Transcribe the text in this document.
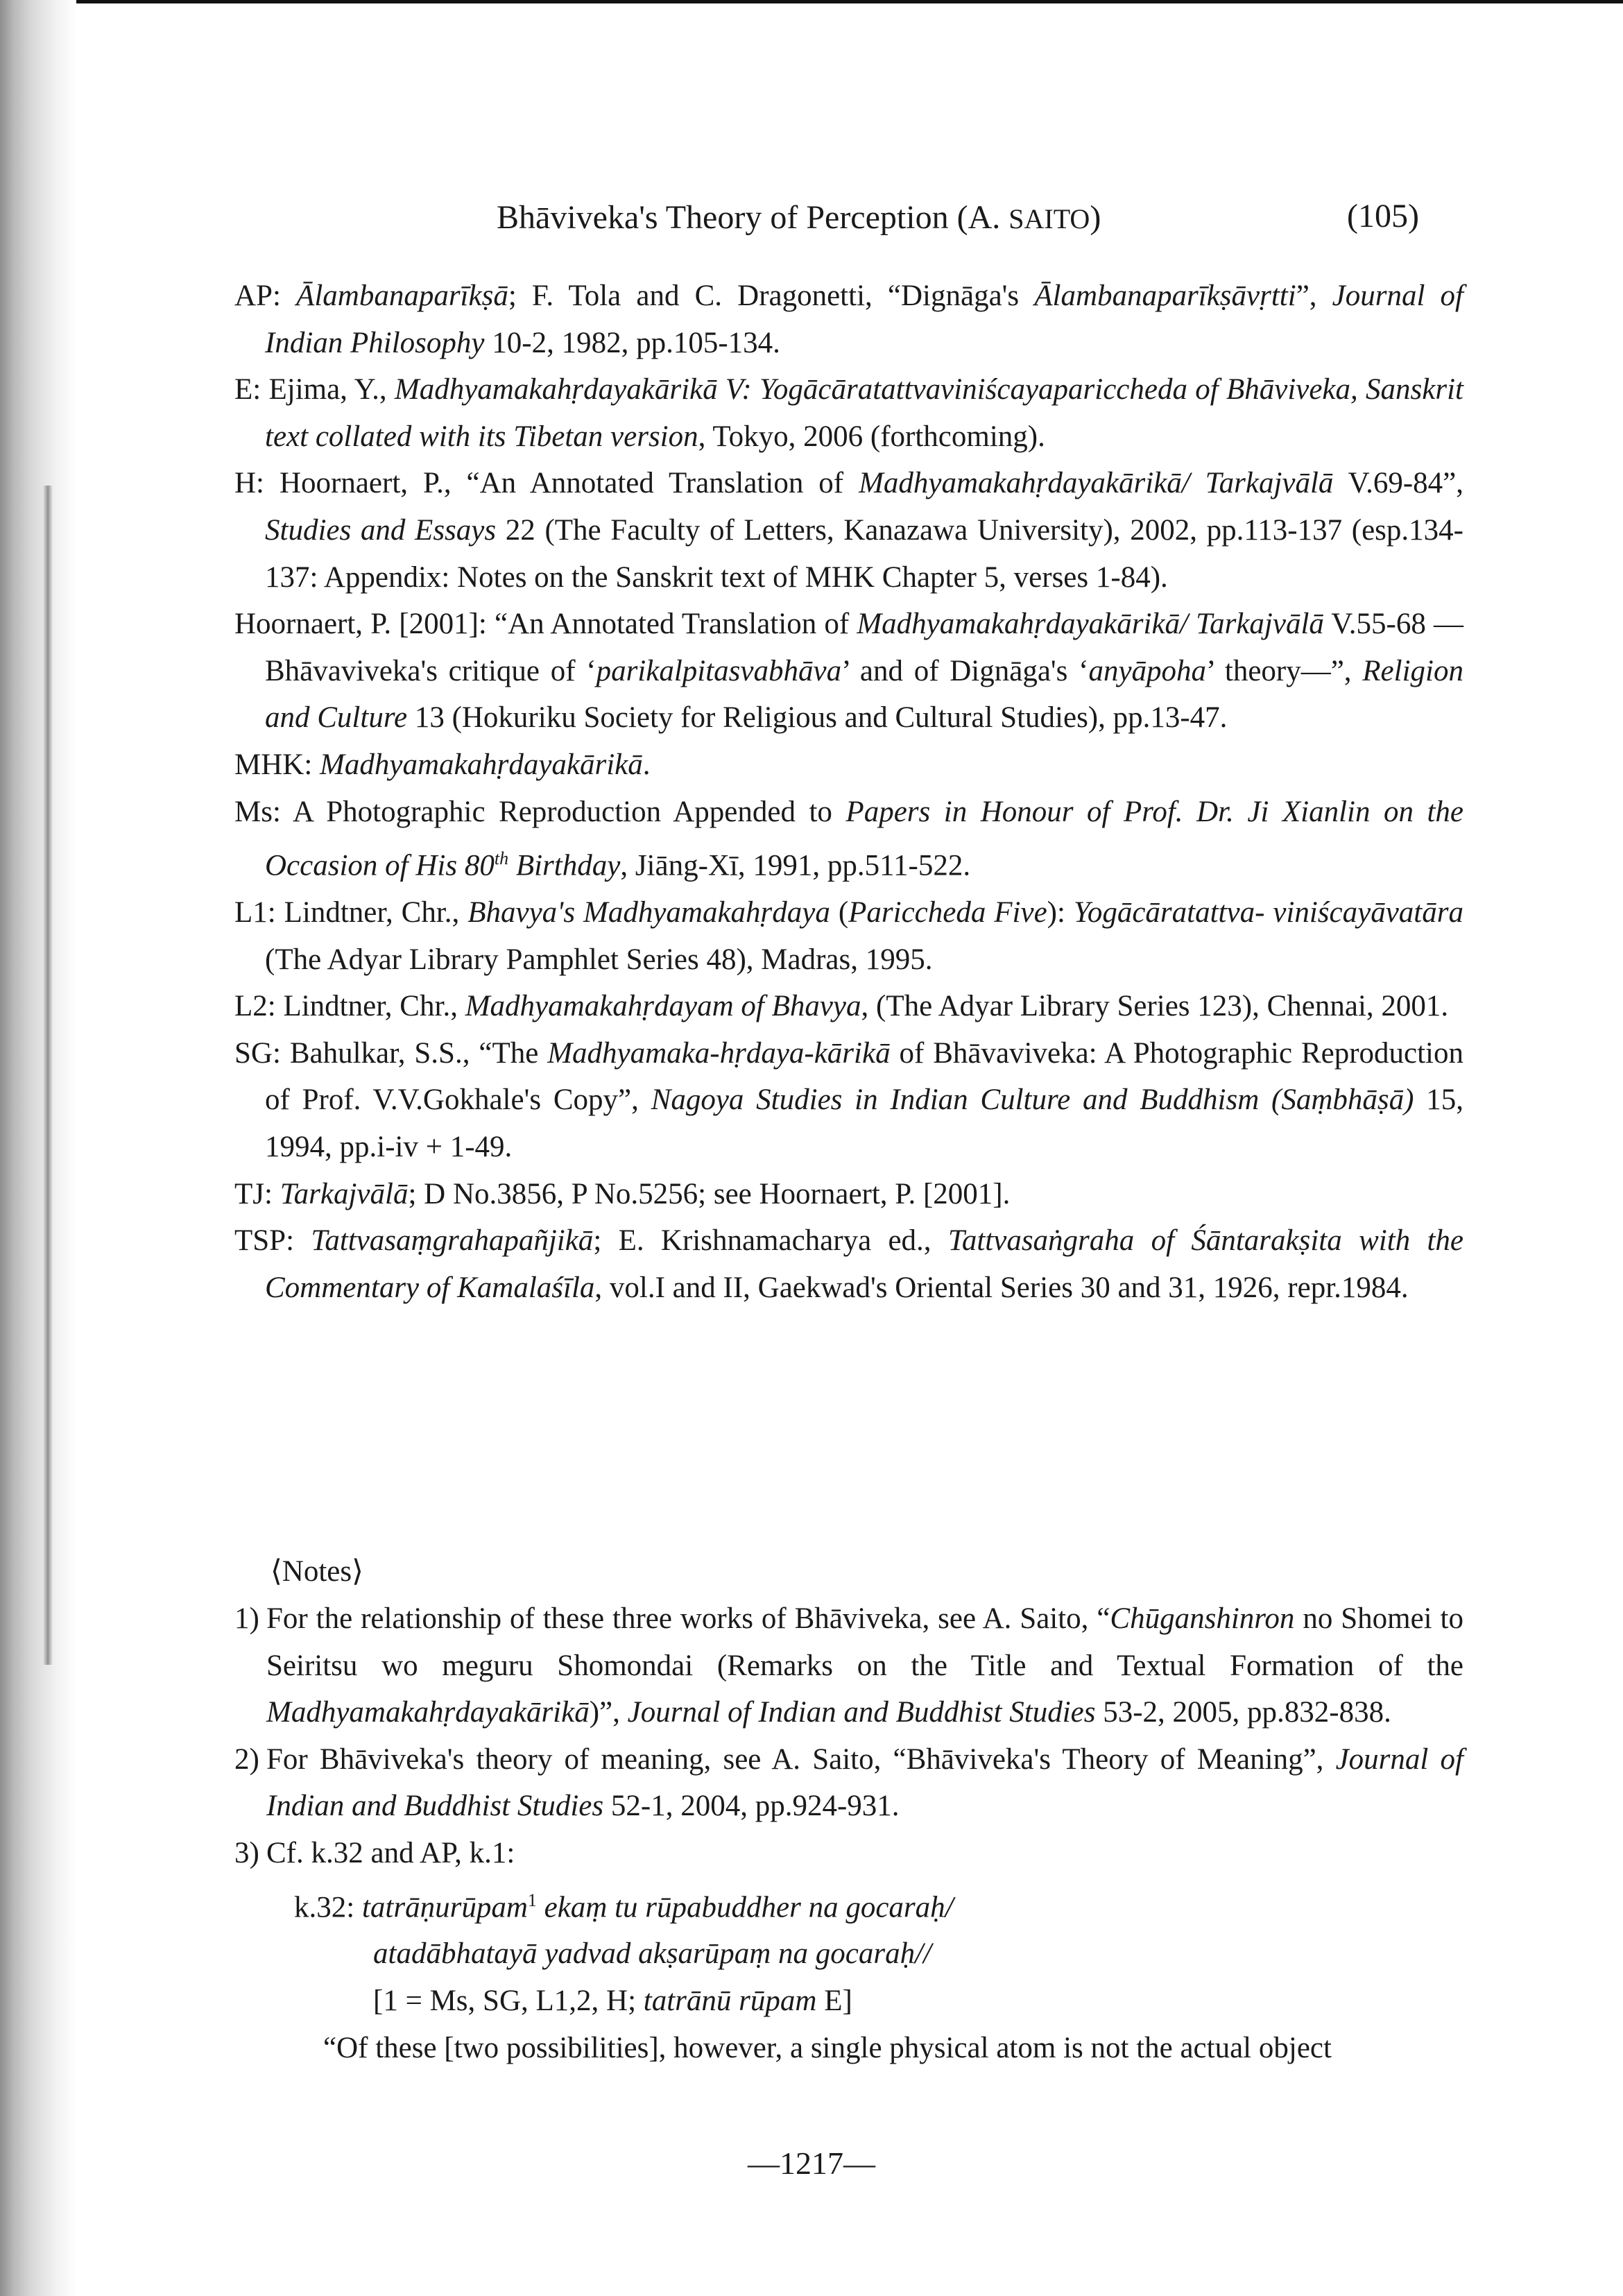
Bhāviveka's Theory of Perception (A. SAITO)	(105)
AP: Ālambanaparīkṣā; F. Tola and C. Dragonetti, “Dignāga's Ālambanaparīkṣāvṛtti”, Journal of Indian Philosophy 10-2, 1982, pp.105-134.
E: Ejima, Y., Madhyamakahṛdayakārikā V: Yogācāratattvaviniścayapariccheda of Bhāviveka, Sanskrit text collated with its Tibetan version, Tokyo, 2006 (forthcoming).
H: Hoornaert, P., “An Annotated Translation of Madhyamakahṛdayakārikā/ Tarkajvālā V.69-84”, Studies and Essays 22 (The Faculty of Letters, Kanazawa University), 2002, pp.113-137 (esp.134-137: Appendix: Notes on the Sanskrit text of MHK Chapter 5, verses 1-84).
Hoornaert, P. [2001]: “An Annotated Translation of Madhyamakahṛdayakārikā/ Tarkajvālā V.55-68 —Bhāvaviveka's critique of ‘parikalpitasvabhāva’ and of Dignāga's ‘anyāpoha’ theory—”, Religion and Culture 13 (Hokuriku Society for Religious and Cultural Studies), pp.13-47.
MHK: Madhyamakahṛdayakārikā.
Ms: A Photographic Reproduction Appended to Papers in Honour of Prof. Dr. Ji Xianlin on the Occasion of His 80th Birthday, Jiāng-Xī, 1991, pp.511-522.
L1: Lindtner, Chr., Bhavya's Madhyamakahṛdaya (Pariccheda Five): Yogācāratattva- viniścayāvatāra (The Adyar Library Pamphlet Series 48), Madras, 1995.
L2: Lindtner, Chr., Madhyamakahṛdayam of Bhavya, (The Adyar Library Series 123), Chennai, 2001.
SG: Bahulkar, S.S., “The Madhyamaka-hṛdaya-kārikā of Bhāvaviveka: A Photographic Reproduction of Prof. V.V.Gokhale's Copy”, Nagoya Studies in Indian Culture and Buddhism (Saṃbhāṣā) 15, 1994, pp.i-iv + 1-49.
TJ: Tarkajvālā; D No.3856, P No.5256; see Hoornaert, P. [2001].
TSP: Tattvasaṃgrahapañjikā; E. Krishnamacharya ed., Tattvasaṅgraha of Śāntarakṣita with the Commentary of Kamalaśīla, vol.I and II, Gaekwad's Oriental Series 30 and 31, 1926, repr.1984.
⟨Notes⟩
1) For the relationship of these three works of Bhāviveka, see A. Saito, “Chūganshinron no Shomei to Seiritsu wo meguru Shomondai (Remarks on the Title and Textual Formation of the Madhyamakahṛdayakārikā)”, Journal of Indian and Buddhist Studies 53-2, 2005, pp.832-838.
2) For Bhāviveka's theory of meaning, see A. Saito, “Bhāviveka's Theory of Meaning”, Journal of Indian and Buddhist Studies 52-1, 2004, pp.924-931.
3) Cf. k.32 and AP, k.1:
k.32: tatrāṇurūpam$^1$ ekaṃ tu rūpabuddher na gocaraḥ/
atadābhatayā yadvad akṣarūpaṃ na gocaraḥ//
[1 = Ms, SG, L1,2, H; tatrānū rūpam E]
“Of these [two possibilities], however, a single physical atom is not the actual object
—1217—
